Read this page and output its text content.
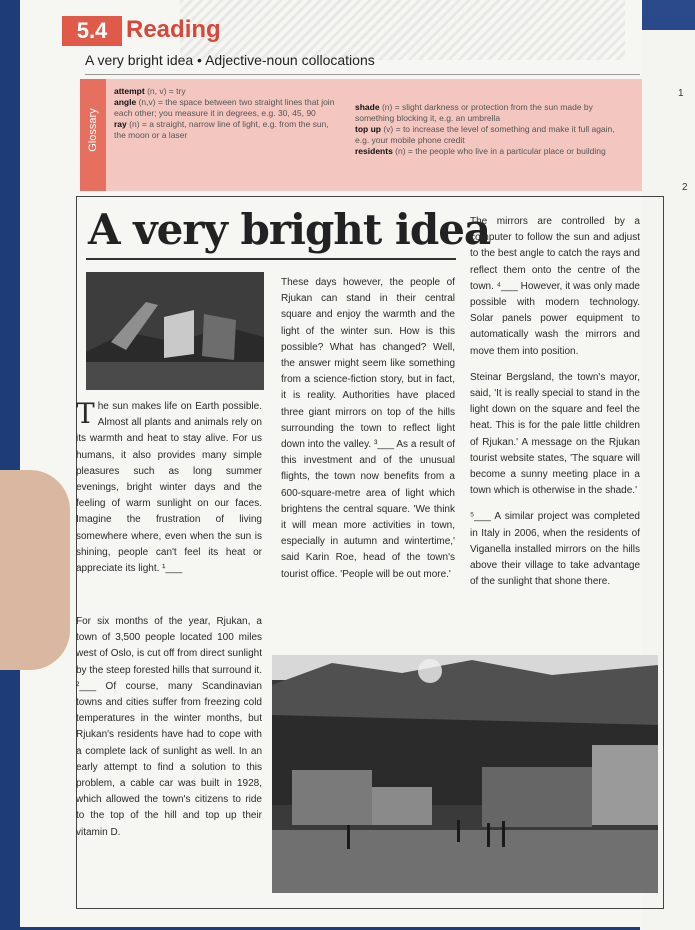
1
2
5.4 Reading
A very bright idea • Adjective-noun collocations
Glossary
attempt (n, v) = try
angle (n,v) = the space between two straight lines that join each other; you measure it in degrees, e.g. 30, 45, 90
ray (n) = a straight, narrow line of light, e.g. from the sun, the moon or a laser
shade (n) = slight darkness or protection from the sun made by something blocking it, e.g. an umbrella
top up (v) = to increase the level of something and make it full again, e.g. your mobile phone credit
residents (n) = the people who live in a particular place or building
A very bright idea
The sun makes life on Earth possible. Almost all plants and animals rely on its warmth and heat to stay alive. For us humans, it also provides many simple pleasures such as long summer evenings, bright winter days and the feeling of warm sunlight on our faces. Imagine the frustration of living somewhere where, even when the sun is shining, people can't feel its heat or appreciate its light. ¹___
For six months of the year, Rjukan, a town of 3,500 people located 100 miles west of Oslo, is cut off from direct sunlight by the steep forested hills that surround it. ²___ Of course, many Scandinavian towns and cities suffer from freezing cold temperatures in the winter months, but Rjukan's residents have had to cope with a complete lack of sunlight as well. In an early attempt to find a solution to this problem, a cable car was built in 1928, which allowed the town's citizens to ride to the top of the hill and top up their vitamin D.
These days however, the people of Rjukan can stand in their central square and enjoy the warmth and the light of the winter sun. How is this possible? What has changed? Well, the answer might seem like something from a science-fiction story, but in fact, it is reality. Authorities have placed three giant mirrors on top of the hills surrounding the town to reflect light down into the valley. ³___ As a result of this investment and of the unusual flights, the town now benefits from a 600-square-metre area of light which brightens the central square. 'We think it will mean more activities in town, especially in autumn and wintertime,' said Karin Roe, head of the town's tourist office. 'People will be out more.'

The mirrors are controlled by a computer to follow the sun and adjust to the best angle to catch the rays and reflect them onto the centre of the town. ⁴___ However, it was only made possible with modern technology. Solar panels power equipment to automatically wash the mirrors and move them into position.

Steinar Bergsland, the town's mayor, said, 'It is really special to stand in the light down on the square and feel the heat. This is for the pale little children of Rjukan.' A message on the Rjukan tourist website states, 'The square will become a sunny meeting place in a town which is otherwise in the shade.'

⁵___ A similar project was completed in Italy in 2006, when the residents of Viganella installed mirrors on the hills above their village to take advantage of the sunlight that shone there.
